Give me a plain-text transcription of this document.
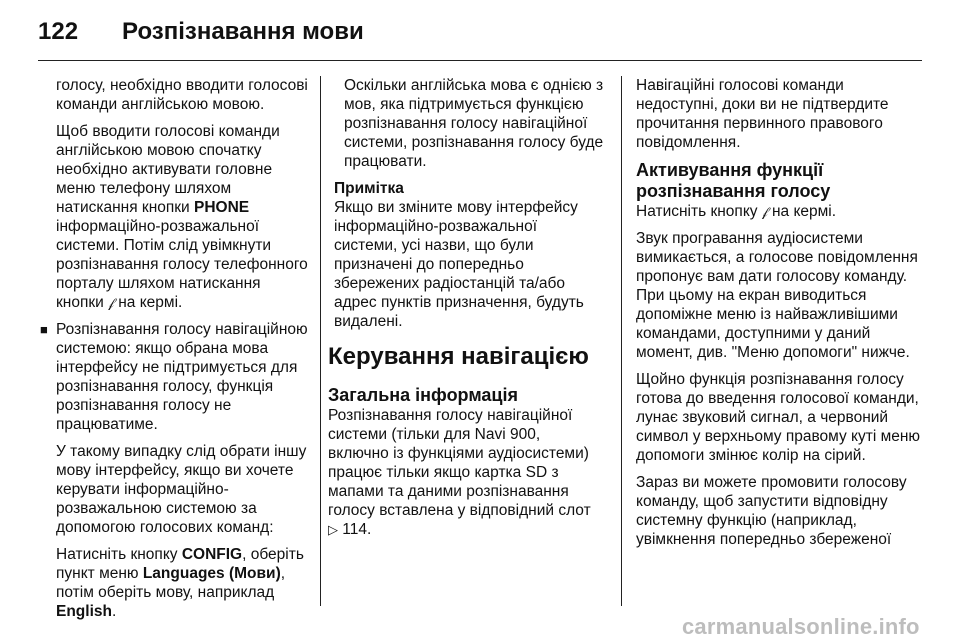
122 Розпізнавання мови

голосу, необхідно вводити голосові команди англійською мовою.

Щоб вводити голосові команди англійською мовою спочатку необхідно активувати головне меню телефону шляхом натискання кнопки PHONE інформаційно-розважальної системи. Потім слід увімкнути розпізнавання голосу телефонного порталу шляхом натискання кнопки 𝒻 на кермі.

■ Розпізнавання голосу навігаційною системою: якщо обрана мова інтерфейсу не підтримується для розпізнавання голосу, функція розпізнавання голосу не працюватиме.

У такому випадку слід обрати іншу мову інтерфейсу, якщо ви хочете керувати інформаційно-розважальною системою за допомогою голосових команд:

Натисніть кнопку CONFIG, оберіть пункт меню Languages (Мови), потім оберіть мову, наприклад English.

Оскільки англійська мова є однією з мов, яка підтримується функцією розпізнавання голосу навігаційної системи, розпізнавання голосу буде працювати.

Примітка

Якщо ви зміните мову інтерфейсу інформаційно-розважальної системи, усі назви, що були призначені до попередньо збережених радіостанцій та/або адрес пунктів призначення, будуть видалені.

Керування навігацією
Загальна інформація

Розпізнавання голосу навігаційної системи (тільки для Navi 900, включно із функціями аудіосистеми) працює тільки якщо картка SD з мапами та даними розпізнавання голосу вставлена у відповідний слот ▷ 114.

Навігаційні голосові команди недоступні, доки ви не підтвердите прочитання первинного правового повідомлення.

Активування функції розпізнавання голосу

Натисніть кнопку 𝒻 на кермі.

Звук програвання аудіосистеми вимикається, а голосове повідомлення пропонує вам дати голосову команду. При цьому на екран виводиться допоміжне меню із найважливішими командами, доступними у даний момент, див. "Меню допомоги" нижче.

Щойно функція розпізнавання голосу готова до введення голосової команди, лунає звуковий сигнал, а червоний символ у верхньому правому куті меню допомоги змінює колір на сірий.

Зараз ви можете промовити голосову команду, щоб запустити відповідну системну функцію (наприклад, увімкнення попередньо збереженої

carmanualsonline.info
